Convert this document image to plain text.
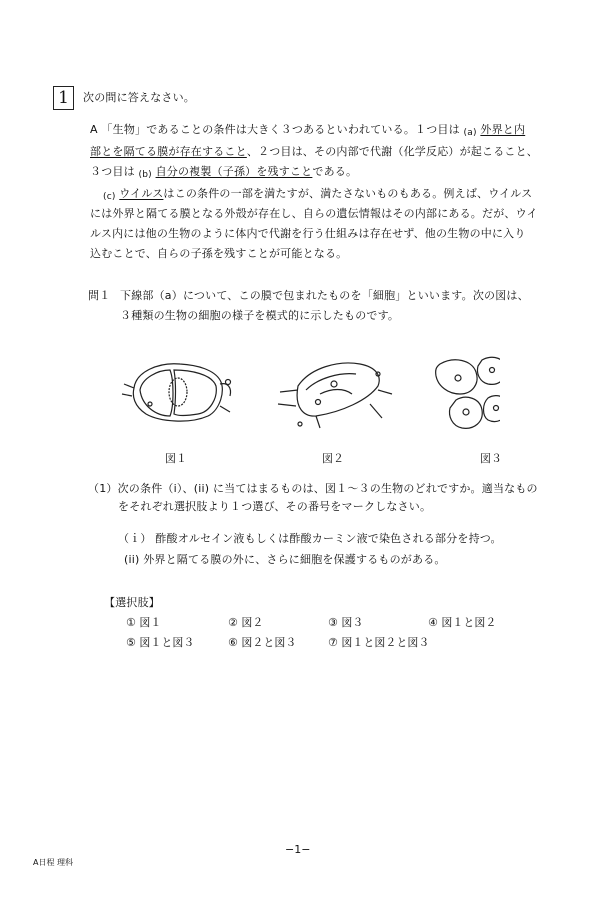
1	次の問に答えなさい。
A 「生物」であることの条件は大きく３つあるといわれている。１つ目は (a) 外界と内
部とを隔てる膜が存在すること、２つ目は、その内部で代謝（化学反応）が起こること、
３つ目は (b) 自分の複製（子孫）を残すことである。
(c) ウイルスはこの条件の一部を満たすが、満たさないものもある。例えば、ウイルス
には外界と隔てる膜となる外殻が存在し、自らの遺伝情報はその内部にある。だが、ウイ
ルス内には他の生物のように体内で代謝を行う仕組みは存在せず、他の生物の中に入り
込むことで、自らの子孫を残すことが可能となる。
問１ 下線部（a）について、この膜で包まれたものを「細胞」といいます。次の図は、
３種類の生物の細胞の様子を模式的に示したものです。
図１	図２	図３
（1）次の条件（i）、(ii) に当てはまるものは、図１～３の生物のどれですか。適当なもの
をそれぞれ選択肢より１つ選び、その番号をマークしなさい。
（ｉ） 酢酸オルセイン液もしくは酢酸カーミン液で染色される部分を持つ。
(ii) 外界と隔てる膜の外に、さらに細胞を保護するものがある。
【選択肢】
① 図１	② 図２	③ 図３	④ 図１と図２
⑤ 図１と図３	⑥ 図２と図３	⑦ 図１と図２と図３
−1−
A日程 理科
